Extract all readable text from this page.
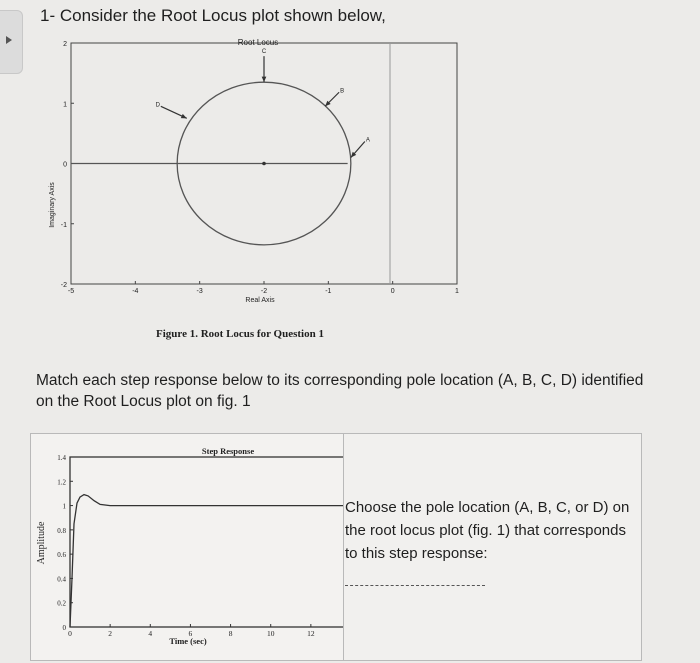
1- Consider the Root Locus plot shown below,
Root Locus
Real Axis
Imaginary Axis
-5	-4	-3	-2	-1	0	1
2
1
0
-1
-2
A
B
C
D
Figure 1. Root Locus for Question 1
Match each step response below to its corresponding pole location (A, B, C, D) identified on the Root Locus plot on fig. 1
Step Response
Time (sec)
Amplitude
0	2	4	6	8	10	12
0
0.2
0.4
0.6
0.8
1
1.2
1.4
Choose the pole location (A, B, C, or D) on the root locus plot (fig. 1) that corresponds to this step response:
